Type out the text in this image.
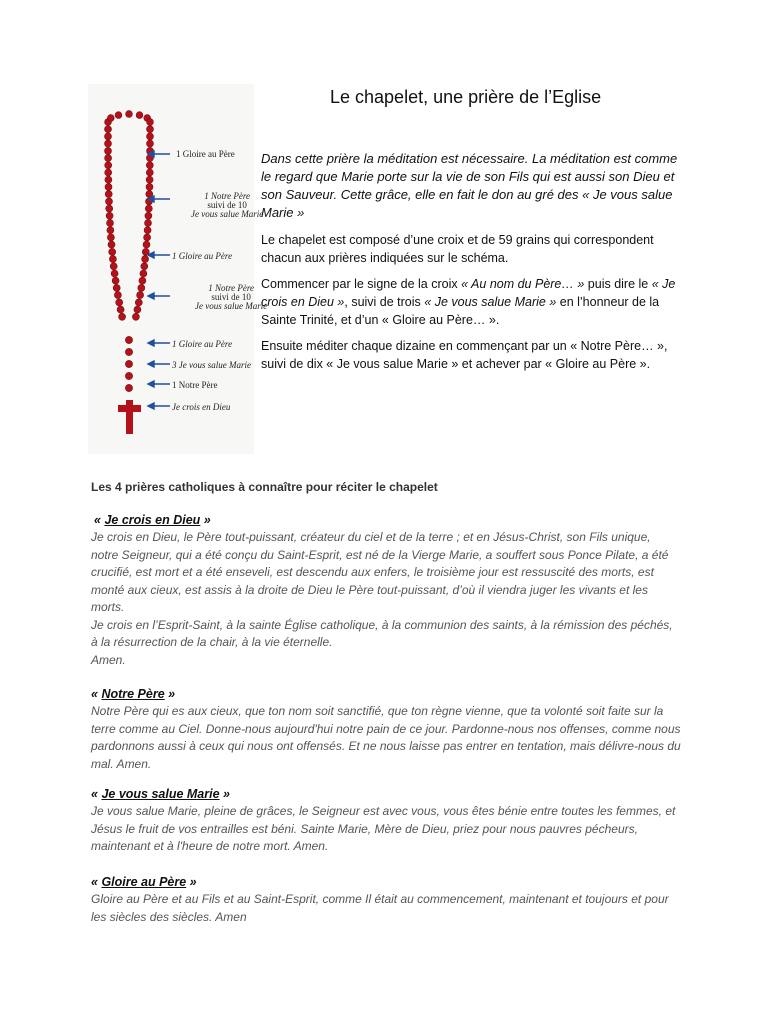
Le chapelet, une prière de l’Eglise
1 Gloire au Père
1 Notre Père
suivi de 10
Je vous salue Marie
1 Gloire au Père
1 Notre Père
suivi de 10
Je vous salue Marie
1 Gloire au Père
3 Je vous salue Marie
1 Notre Père
Je crois en Dieu

Dans cette prière la méditation est nécessaire. La méditation est comme le regard que Marie porte sur la vie de son Fils qui est aussi son Dieu et son Sauveur. Cette grâce, elle en fait le don au gré des « Je vous salue Marie »

Le chapelet est composé d’une croix et de 59 grains qui correspondent chacun aux prières indiquées sur le schéma.

Commencer par le signe de la croix « Au nom du Père… » puis dire le « Je crois en Dieu », suivi de trois « Je vous salue Marie » en l’honneur de la Sainte Trinité, et d’un « Gloire au Père… ».

Ensuite méditer chaque dizaine en commençant par un « Notre Père… », suivi de dix « Je vous salue Marie » et achever par « Gloire au Père ».

Les 4 prières catholiques à connaître pour réciter le chapelet
« Je crois en Dieu »
Je crois en Dieu, le Père tout-puissant, créateur du ciel et de la terre ; et en Jésus-Christ, son Fils unique, notre Seigneur, qui a été conçu du Saint-Esprit, est né de la Vierge Marie, a souffert sous Ponce Pilate, a été crucifié, est mort et a été enseveli, est descendu aux enfers, le troisième jour est ressuscité des morts, est monté aux cieux, est assis à la droite de Dieu le Père tout-puissant, d’où il viendra juger les vivants et les morts.
Je crois en l’Esprit-Saint, à la sainte Église catholique, à la communion des saints, à la rémission des péchés, à la résurrection de la chair, à la vie éternelle.
Amen.
« Notre Père »
Notre Père qui es aux cieux, que ton nom soit sanctifié, que ton règne vienne, que ta volonté soit faite sur la terre comme au Ciel. Donne-nous aujourd'hui notre pain de ce jour. Pardonne-nous nos offenses, comme nous pardonnons aussi à ceux qui nous ont offensés. Et ne nous laisse pas entrer en tentation, mais délivre-nous du mal. Amen.
« Je vous salue Marie »
Je vous salue Marie, pleine de grâces, le Seigneur est avec vous, vous êtes bénie entre toutes les femmes, et Jésus le fruit de vos entrailles est béni. Sainte Marie, Mère de Dieu, priez pour nous pauvres pécheurs, maintenant et à l'heure de notre mort. Amen.
« Gloire au Père »
Gloire au Père et au Fils et au Saint-Esprit, comme Il était au commencement, maintenant et toujours et pour les siècles des siècles. Amen
